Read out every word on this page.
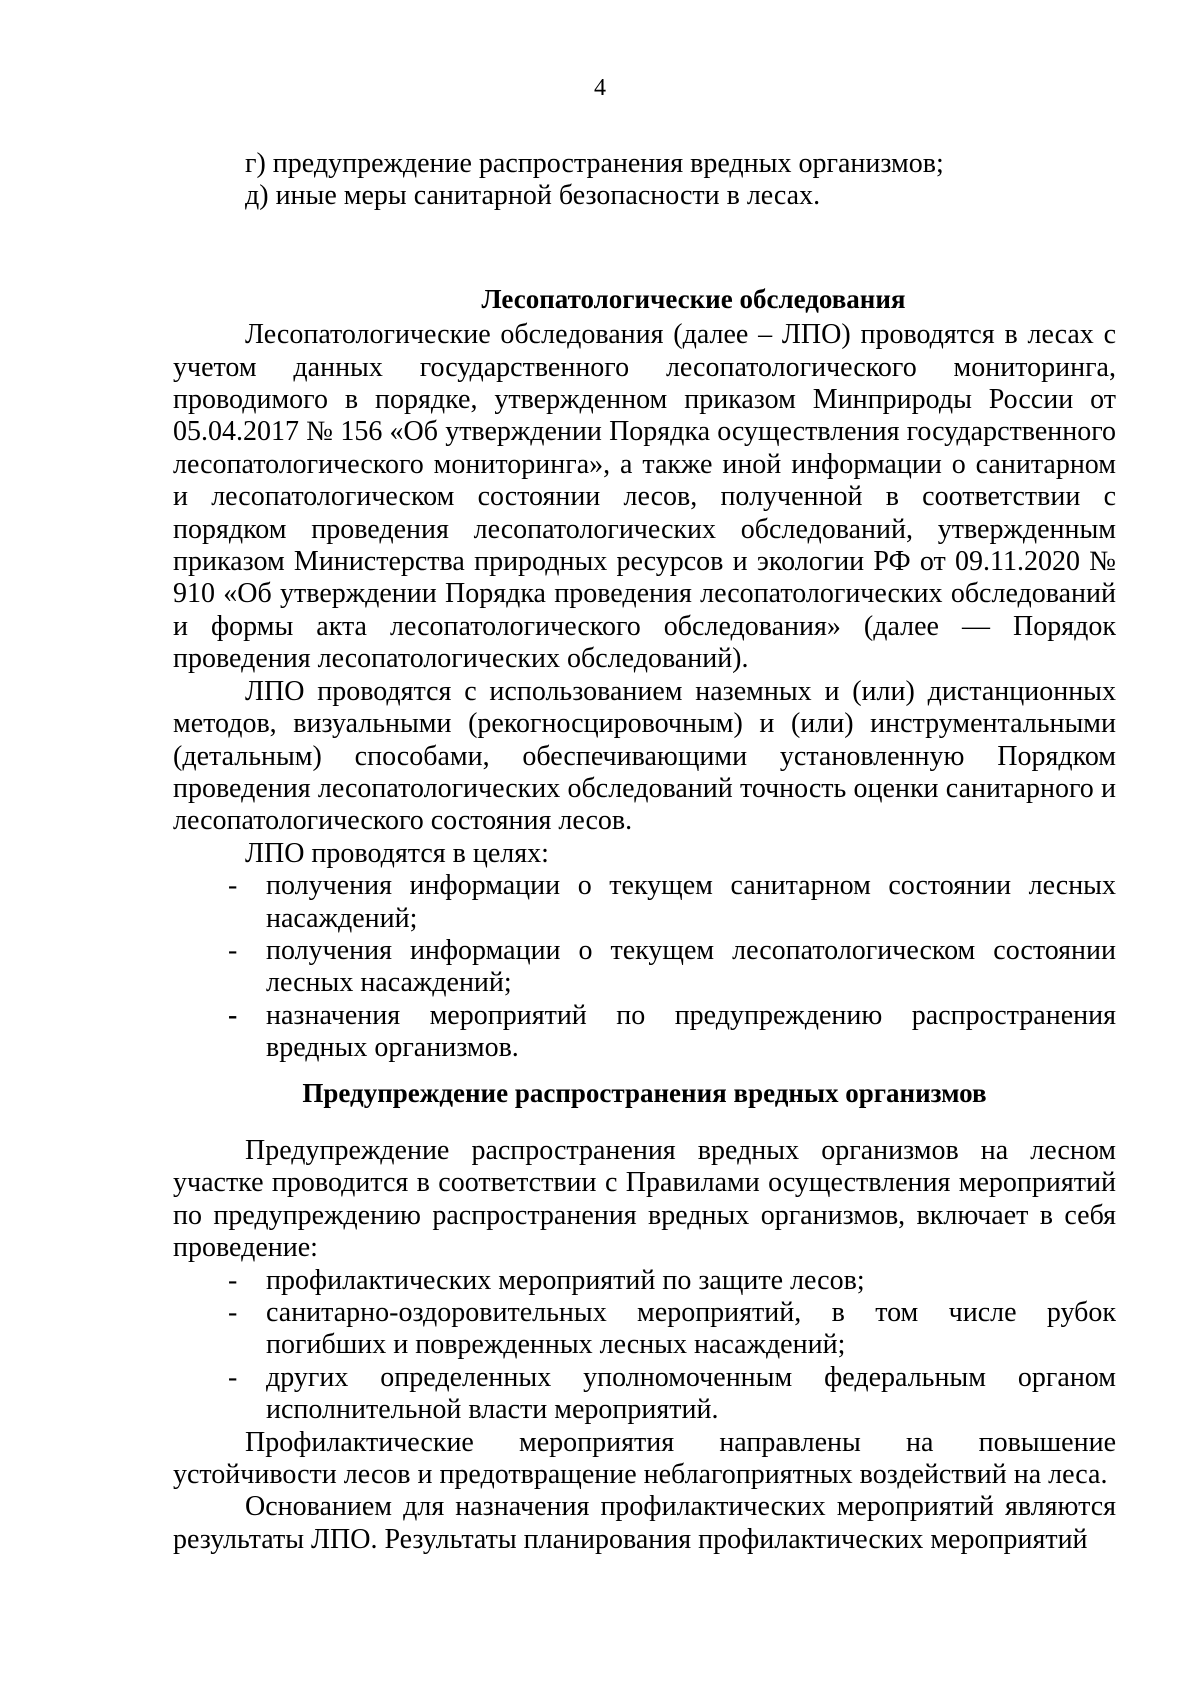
4

г) предупреждение распространения вредных организмов;

д) иные меры санитарной безопасности в лесах.

Лесопатологические обследования

Лесопатологические обследования (далее – ЛПО) проводятся в лесах с учетом данных государственного лесопатологического мониторинга, проводимого в порядке, утвержденном приказом Минприроды России от 05.04.2017 № 156 «Об утверждении Порядка осуществления государственного лесопатологического мониторинга», а также иной информации о санитарном и лесопатологическом состоянии лесов, полученной в соответствии с порядком проведения лесопатологических обследований, утвержденным приказом Министерства природных ресурсов и экологии РФ от 09.11.2020 № 910 «Об утверждении Порядка проведения лесопатологических обследований и формы акта лесопатологического обследования» (далее — Порядок проведения лесопатологических обследований).

ЛПО проводятся с использованием наземных и (или) дистанционных методов, визуальными (рекогносцировочным) и (или) инструментальными (детальным) способами, обеспечивающими установленную Порядком проведения лесопатологических обследований точность оценки санитарного и лесопатологического состояния лесов.

ЛПО проводятся в целях:

- получения информации о текущем санитарном состоянии лесных насаждений;

- получения информации о текущем лесопатологическом состоянии лесных насаждений;

- назначения мероприятий по предупреждению распространения вредных организмов.

Предупреждение распространения вредных организмов

Предупреждение распространения вредных организмов на лесном участке проводится в соответствии с Правилами осуществления мероприятий по предупреждению распространения вредных организмов, включает в себя проведение:

- профилактических мероприятий по защите лесов;

- санитарно-оздоровительных мероприятий, в том числе рубок погибших и поврежденных лесных насаждений;

- других определенных уполномоченным федеральным органом исполнительной власти мероприятий.

Профилактические мероприятия направлены на повышение устойчивости лесов и предотвращение неблагоприятных воздействий на леса.

Основанием для назначения профилактических мероприятий являются результаты ЛПО. Результаты планирования профилактических мероприятий
